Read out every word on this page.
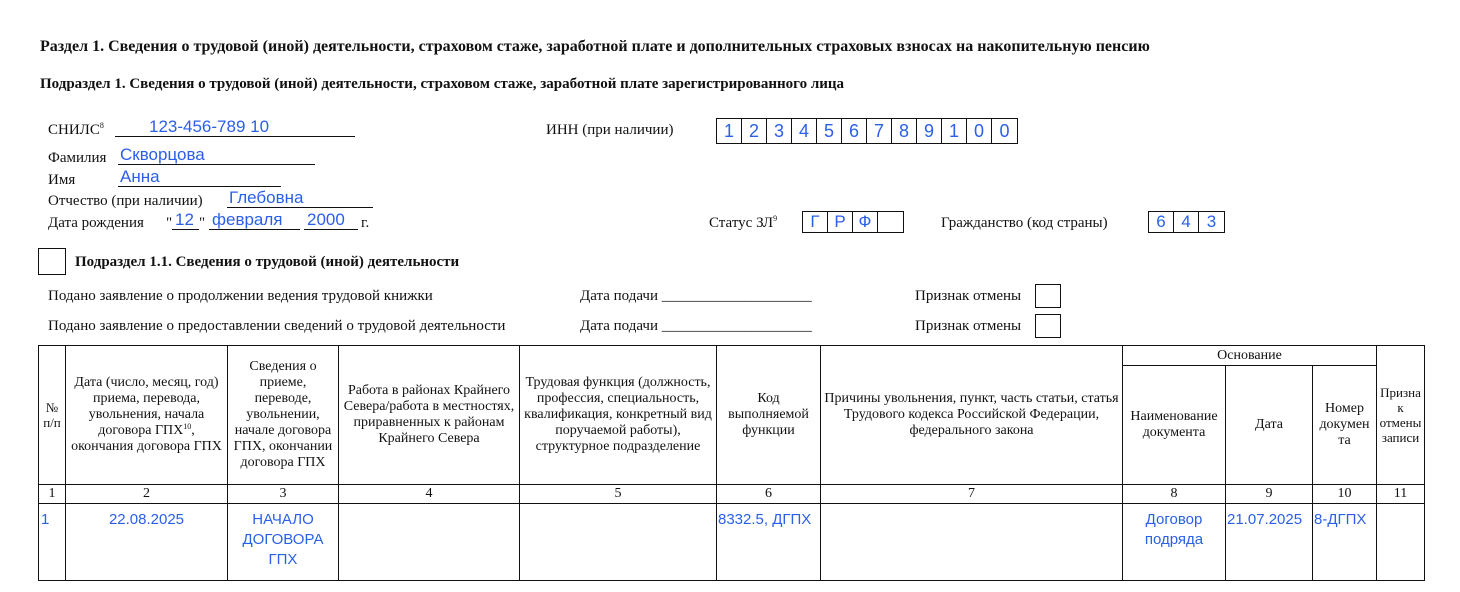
Раздел 1. Сведения о трудовой (иной) деятельности, страховом стаже, заработной плате и дополнительных страховых взносах на накопительную пенсию
Подраздел 1. Сведения о трудовой (иной) деятельности, страховом стаже, заработной плате зарегистрированного лица
СНИЛС$^8$	123-456-789 10	ИНН (при наличии)	1 2 3 4 5 6 7 8 9 1 0 0
Фамилия Скворцова
Имя	Анна
Отчество (при наличии) Глебовна
Дата рождения " 12 " февраля	2000	г.	Статус $ЗЛ^9$	Г Р Ф	Гражданство (код страны)	6 4 3
Подраздел 1.1. Сведения о трудовой (иной) деятельности
Подано заявление о продолжении ведения трудовой книжки	Дата подачи ____________________	Признак отмены
Подано заявление о предоставлении сведений о трудовой деятельности	Дата подачи ____________________	Признак отмены
№ п/п	Дата (число, месяц, год) приема, перевода, увольнения, начала договора ГПХ$^{10}$, окончания договора ГПХ	Сведения о приеме, переводе, увольнении, начале договора ГПХ, окончании договора ГПХ	Работа в районах Крайнего Севера/работа в местностях, приравненных к районам Крайнего Севера	Трудовая функция (должность, профессия, специальность, квалификация, конкретный вид поручаемой работы), структурное подразделение	Код выполняемой функции	Причины увольнения, пункт, часть статьи, статья Трудового кодекса Российской Федерации, федерального закона	Основание			Призна к отмены записи
							Наименование документа	Дата	Номер докумен та	
1	2	3	4	5	6	7	8	9	10	11
1	22.08.2025	НАЧАЛО ДОГОВОРА ГПХ			8332.5, ДГПХ		Договор подряда	21.07.2025	8-ДГПХ	
